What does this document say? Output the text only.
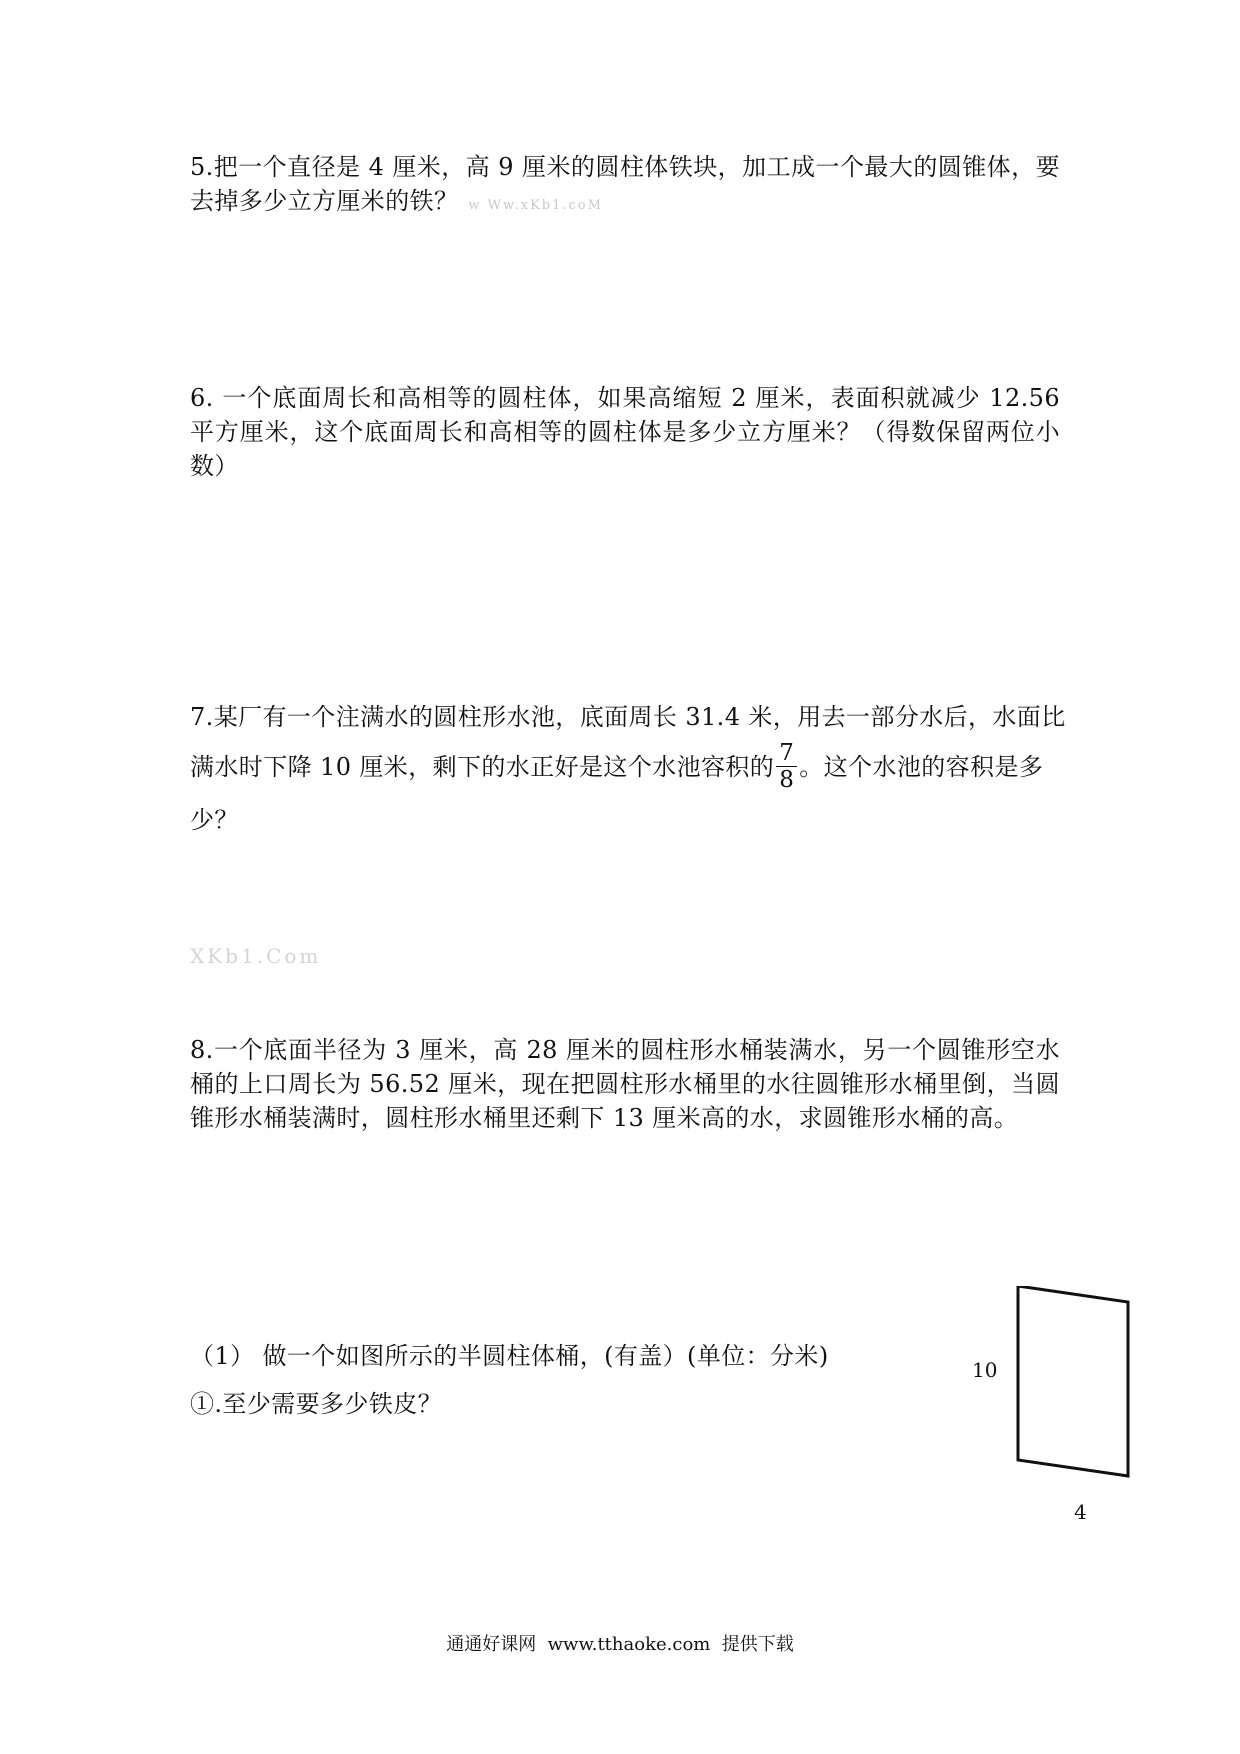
5.把一个直径是 4 厘米，高 9 厘米的圆柱体铁块，加工成一个最大的圆锥体，要
去掉多少立方厘米的铁？ w Ww.xKb1.coM
6. 一个底面周长和高相等的圆柱体，如果高缩短 2 厘米，表面积就减少 12.56
平方厘米，这个底面周长和高相等的圆柱体是多少立方厘米？（得数保留两位小
数）
7.某厂有一个注满水的圆柱形水池，底面周长 31.4 米，用去一部分水后，水面比
满水时下降 10 厘米，剩下的水正好是这个水池容积的 $\frac{7}{8}$ 。这个水池的容积是多
少？
XKb1.Com
8.一个底面半径为 3 厘米，高 28 厘米的圆柱形水桶装满水，另一个圆锥形空水
桶的上口周长为 56.52 厘米，现在把圆柱形水桶里的水往圆锥形水桶里倒，当圆
锥形水桶装满时，圆柱形水桶里还剩下 13 厘米高的水，求圆锥形水桶的高。
（1） 做一个如图所示的半圆柱体桶，(有盖）(单位：分米)
①.至少需要多少铁皮？
10
4
通通好课网  www.tthaoke.com  提供下载
